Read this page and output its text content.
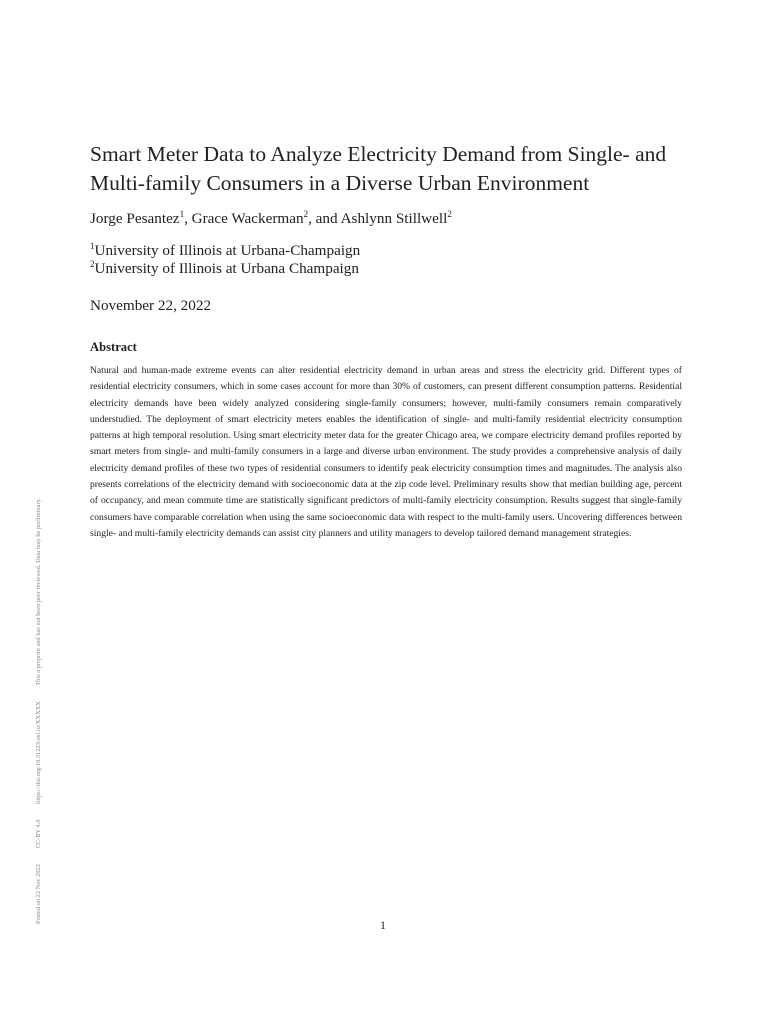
Smart Meter Data to Analyze Electricity Demand from Single- and Multi-family Consumers in a Diverse Urban Environment
Jorge Pesantez$^1$, Grace Wackerman$^2$, and Ashlynn Stillwell$^2$
$^1$University of Illinois at Urbana-Champaign
$^2$University of Illinois at Urbana Champaign
November 22, 2022
Abstract

Natural and human-made extreme events can alter residential electricity demand in urban areas and stress the electricity grid. Different types of residential electricity consumers, which in some cases account for more than 30% of customers, can present different consumption patterns. Residential electricity demands have been widely analyzed considering single-family consumers; however, multi-family consumers remain comparatively understudied. The deployment of smart electricity meters enables the identification of single- and multi-family residential electricity consumption patterns at high temporal resolution. Using smart electricity meter data for the greater Chicago area, we compare electricity demand profiles reported by smart meters from single- and multi-family consumers in a large and diverse urban environment. The study provides a comprehensive analysis of daily electricity demand profiles of these two types of residential consumers to identify peak electricity consumption times and magnitudes. The analysis also presents correlations of the electricity demand with socioeconomic data at the zip code level. Preliminary results show that median building age, percent of occupancy, and mean commute time are statistically significant predictors of multi-family electricity consumption. Results suggest that single-family consumers have comparable correlation when using the same socioeconomic data with respect to the multi-family users. Uncovering differences between single- and multi-family electricity demands can assist city planners and utility managers to develop tailored demand management strategies.

1
Posted on 22 Nov 2022 CC-BY 4.0 https://doi.org/10.31223/osf.io/XXXXX This a preprint and has not been peer reviewed. Data may be preliminary.
